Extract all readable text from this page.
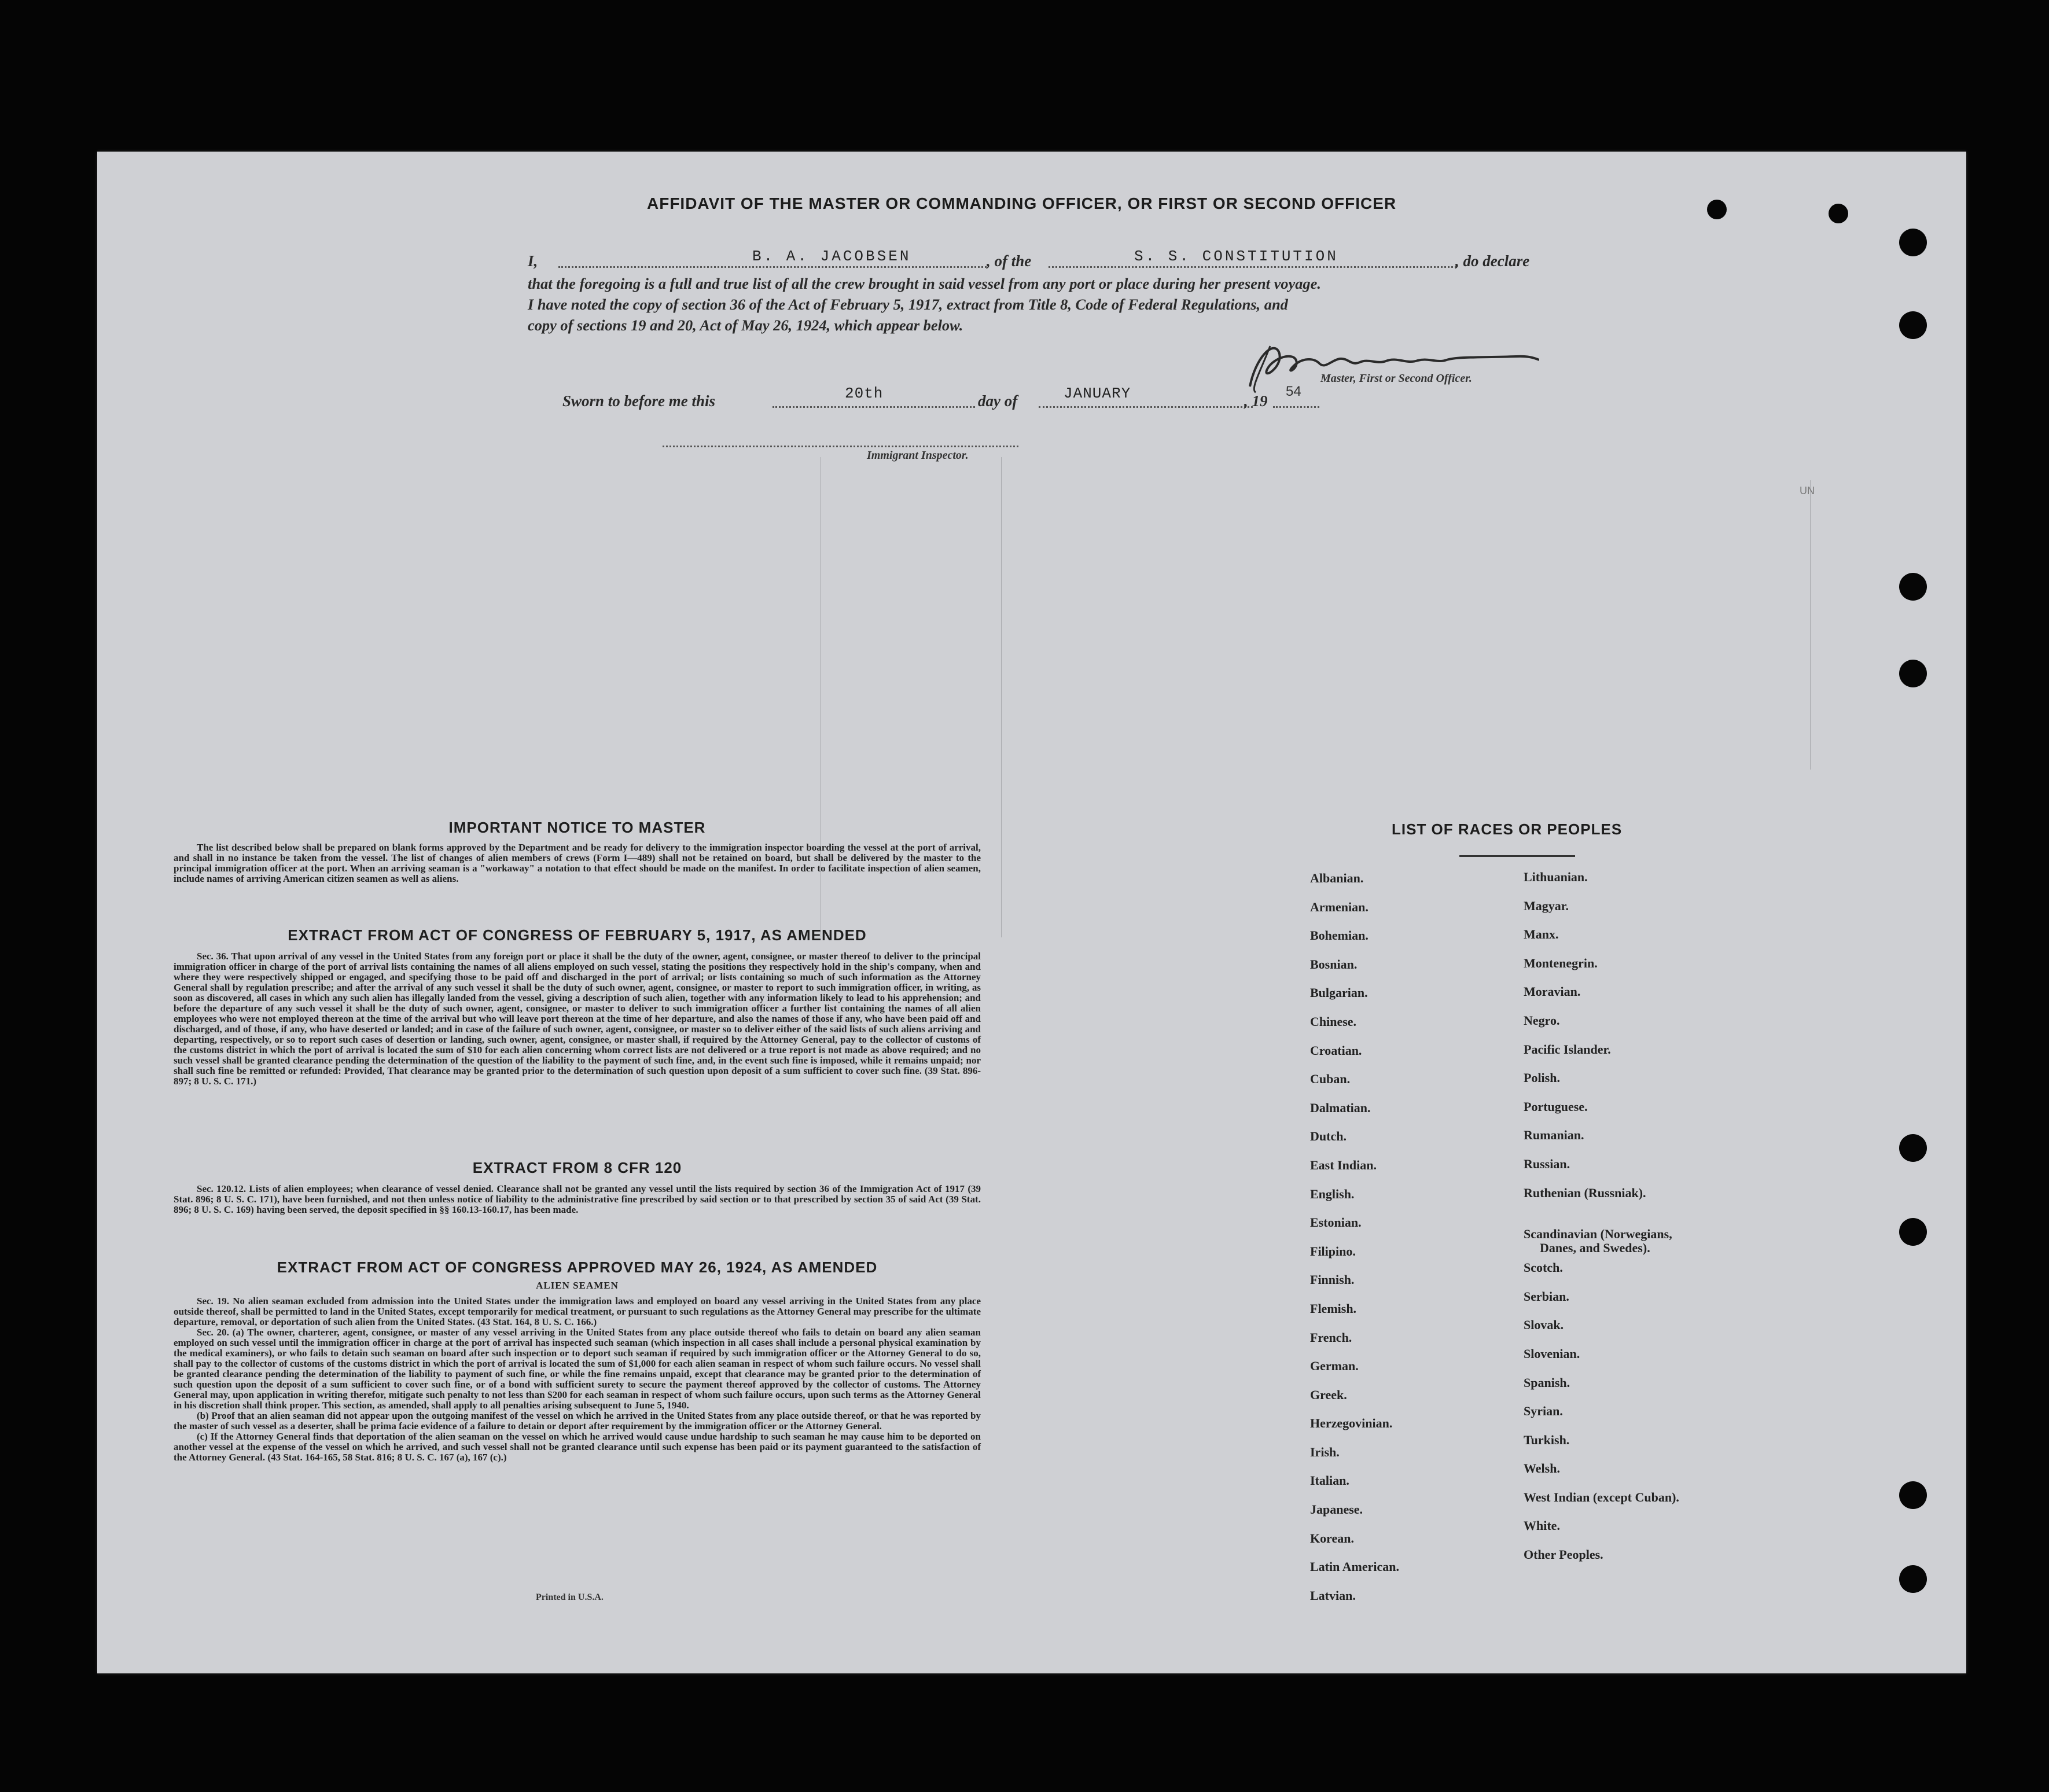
UN
AFFIDAVIT OF THE MASTER OR COMMANDING OFFICER, OR FIRST OR SECOND OFFICER
I,	B. A. JACOBSEN	, of the	S. S. CONSTITUTION	, do declare
that the foregoing is a full and true list of all the crew brought in said vessel from any port or place during her present voyage.
I have noted the copy of section 36 of the Act of February 5, 1917, extract from Title 8, Code of Federal Regulations, and
copy of sections 19 and 20, Act of May 26, 1924, which appear below.
Master, First or Second Officer.
Sworn to before me this	20th	day of	JANUARY	, 19
54
Immigrant Inspector.
IMPORTANT NOTICE TO MASTER
The list described below shall be prepared on blank forms approved by the Department and be ready for delivery to the immigration inspector boarding the vessel at the port of arrival, and shall in no instance be taken from the vessel. The list of changes of alien members of crews (Form I—489) shall not be retained on board, but shall be delivered by the master to the principal immigration officer at the port. When an arriving seaman is a "workaway" a notation to that effect should be made on the manifest. In order to facilitate inspection of alien seamen, include names of arriving American citizen seamen as well as aliens.
EXTRACT FROM ACT OF CONGRESS OF FEBRUARY 5, 1917, AS AMENDED
Sec. 36. That upon arrival of any vessel in the United States from any foreign port or place it shall be the duty of the owner, agent, consignee, or master thereof to deliver to the principal immigration officer in charge of the port of arrival lists containing the names of all aliens employed on such vessel, stating the positions they respectively hold in the ship's company, when and where they were respectively shipped or engaged, and specifying those to be paid off and discharged in the port of arrival; or lists containing so much of such information as the Attorney General shall by regulation prescribe; and after the arrival of any such vessel it shall be the duty of such owner, agent, consignee, or master to report to such immigration officer, in writing, as soon as discovered, all cases in which any such alien has illegally landed from the vessel, giving a description of such alien, together with any information likely to lead to his apprehension; and before the departure of any such vessel it shall be the duty of such owner, agent, consignee, or master to deliver to such immigration officer a further list containing the names of all alien employees who were not employed thereon at the time of the arrival but who will leave port thereon at the time of her departure, and also the names of those if any, who have been paid off and discharged, and of those, if any, who have deserted or landed; and in case of the failure of such owner, agent, consignee, or master so to deliver either of the said lists of such aliens arriving and departing, respectively, or so to report such cases of desertion or landing, such owner, agent, consignee, or master shall, if required by the Attorney General, pay to the collector of customs of the customs district in which the port of arrival is located the sum of $10 for each alien concerning whom correct lists are not delivered or a true report is not made as above required; and no such vessel shall be granted clearance pending the determination of the question of the liability to the payment of such fine, and, in the event such fine is imposed, while it remains unpaid; nor shall such fine be remitted or refunded: Provided, That clearance may be granted prior to the determination of such question upon deposit of a sum sufficient to cover such fine. (39 Stat. 896-897; 8 U. S. C. 171.)
EXTRACT FROM 8 CFR 120
Sec. 120.12. Lists of alien employees; when clearance of vessel denied. Clearance shall not be granted any vessel until the lists required by section 36 of the Immigration Act of 1917 (39 Stat. 896; 8 U. S. C. 171), have been furnished, and not then unless notice of liability to the administrative fine prescribed by said section or to that prescribed by section 35 of said Act (39 Stat. 896; 8 U. S. C. 169) having been served, the deposit specified in §§ 160.13-160.17, has been made.
EXTRACT FROM ACT OF CONGRESS APPROVED MAY 26, 1924, AS AMENDED
ALIEN SEAMEN
Sec. 19. No alien seaman excluded from admission into the United States under the immigration laws and employed on board any vessel arriving in the United States from any place outside thereof, shall be permitted to land in the United States, except temporarily for medical treatment, or pursuant to such regulations as the Attorney General may prescribe for the ultimate departure, removal, or deportation of such alien from the United States. (43 Stat. 164, 8 U. S. C. 166.)
Sec. 20. (a) The owner, charterer, agent, consignee, or master of any vessel arriving in the United States from any place outside thereof who fails to detain on board any alien seaman employed on such vessel until the immigration officer in charge at the port of arrival has inspected such seaman (which inspection in all cases shall include a personal physical examination by the medical examiners), or who fails to detain such seaman on board after such inspection or to deport such seaman if required by such immigration officer or the Attorney General to do so, shall pay to the collector of customs of the customs district in which the port of arrival is located the sum of $1,000 for each alien seaman in respect of whom such failure occurs. No vessel shall be granted clearance pending the determination of the liability to payment of such fine, or while the fine remains unpaid, except that clearance may be granted prior to the determination of such question upon the deposit of a sum sufficient to cover such fine, or of a bond with sufficient surety to secure the payment thereof approved by the collector of customs. The Attorney General may, upon application in writing therefor, mitigate such penalty to not less than $200 for each seaman in respect of whom such failure occurs, upon such terms as the Attorney General in his discretion shall think proper. This section, as amended, shall apply to all penalties arising subsequent to June 5, 1940.
(b) Proof that an alien seaman did not appear upon the outgoing manifest of the vessel on which he arrived in the United States from any place outside thereof, or that he was reported by the master of such vessel as a deserter, shall be prima facie evidence of a failure to detain or deport after requirement by the immigration officer or the Attorney General.
(c) If the Attorney General finds that deportation of the alien seaman on the vessel on which he arrived would cause undue hardship to such seaman he may cause him to be deported on another vessel at the expense of the vessel on which he arrived, and such vessel shall not be granted clearance until such expense has been paid or its payment guaranteed to the satisfaction of the Attorney General. (43 Stat. 164-165, 58 Stat. 816; 8 U. S. C. 167 (a), 167 (c).)
Printed in U.S.A.
LIST OF RACES OR PEOPLES
Albanian.
Armenian.
Bohemian.
Bosnian.
Bulgarian.
Chinese.
Croatian.
Cuban.
Dalmatian.
Dutch.
East Indian.
English.
Estonian.
Filipino.
Finnish.
Flemish.
French.
German.
Greek.
Herzegovinian.
Irish.
Italian.
Japanese.
Korean.
Latin American.
Latvian.
Lithuanian.
Magyar.
Manx.
Montenegrin.
Moravian.
Negro.
Pacific Islander.
Polish.
Portuguese.
Rumanian.
Russian.
Ruthenian (Russniak).
Scandinavian (Norwegians,
Danes, and Swedes).
Scotch.
Serbian.
Slovak.
Slovenian.
Spanish.
Syrian.
Turkish.
Welsh.
West Indian (except Cuban).
White.
Other Peoples.
